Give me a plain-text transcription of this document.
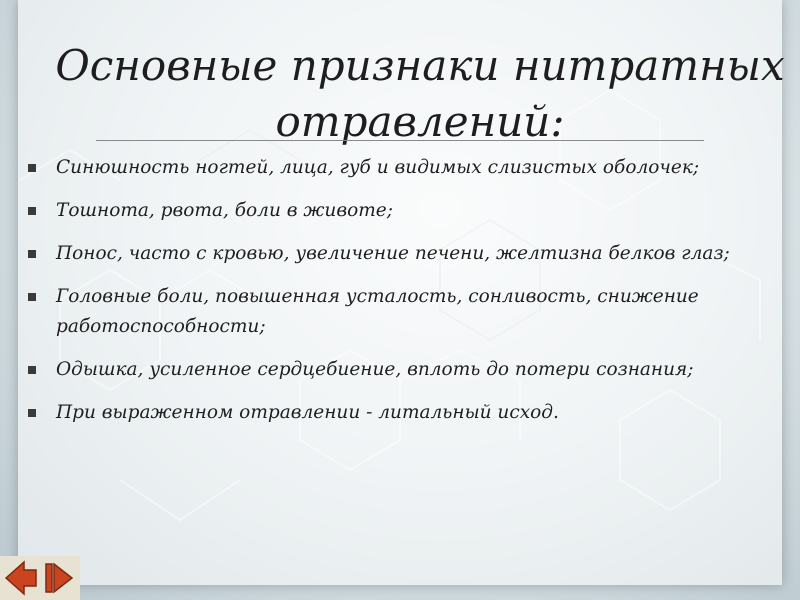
Основные признаки нитратных отравлений:
Синюшность ногтей, лица, губ и видимых слизистых оболочек;
Тошнота, рвота, боли в животе;
Понос, часто с кровью, увеличение печени, желтизна белков глаз;
Головные боли, повышенная усталость, сонливость, снижение работоспособности;
Одышка, усиленное сердцебиение, вплоть до потери сознания;
При выраженном отравлении - литальный исход.
